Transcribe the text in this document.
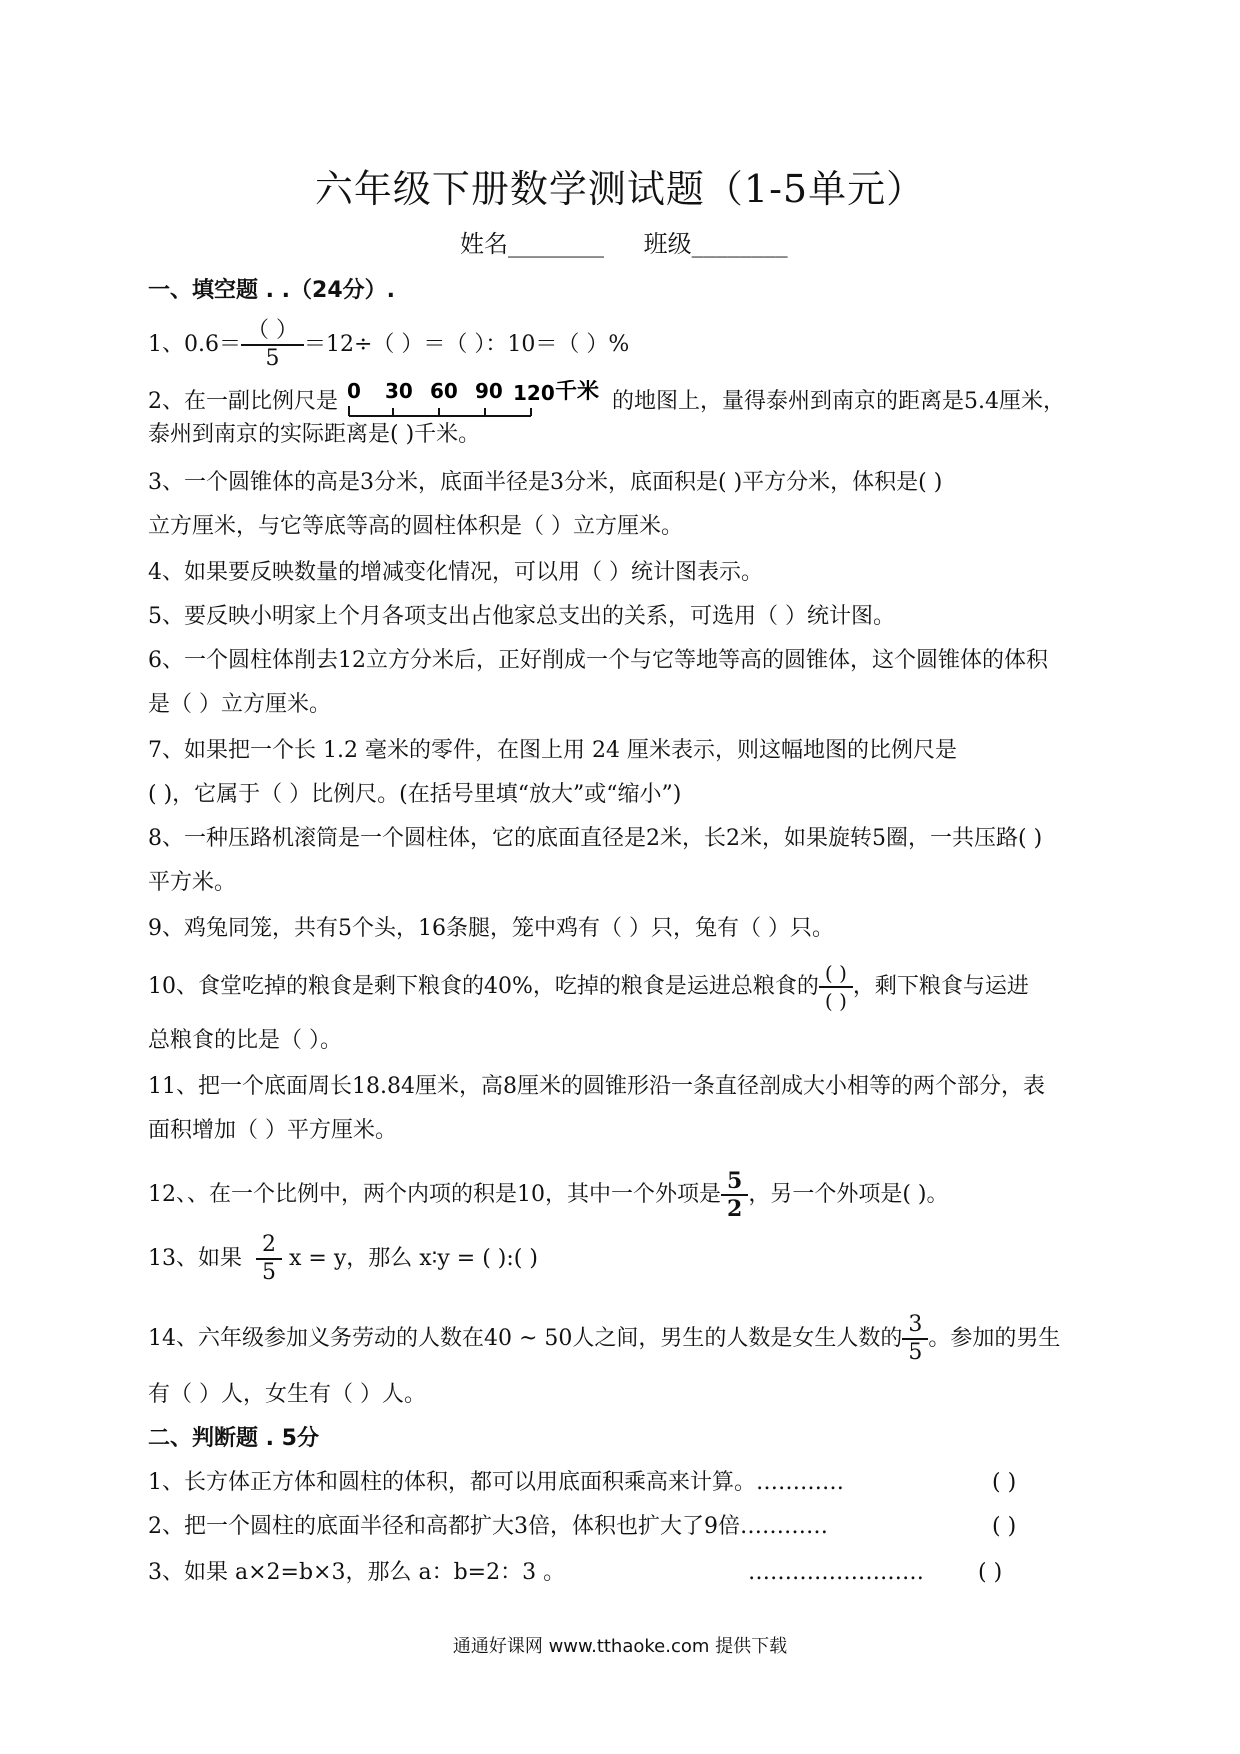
六年级下册数学测试题（1-5单元）
姓名________ 班级________
一、填空题 . .（24分）.
1、$0.6= \frac{( )}{5} =12\div$（ ）＝（ ）：10＝（ ）%
2、在一副比例尺是 0 30 60 90 120 千米 的地图上，量得泰州到南京的距离是5.4厘米，
泰州到南京的实际距离是( )千米。
3、一个圆锥体的高是3分米，底面半径是3分米，底面积是( )平方分米，体积是( )
立方厘米，与它等底等高的圆柱体积是（ ）立方厘米。
4、如果要反映数量的增减变化情况，可以用（ ）统计图表示。
5、要反映小明家上个月各项支出占他家总支出的关系，可选用（ ）统计图。
6、一个圆柱体削去12立方分米后，正好削成一个与它等地等高的圆锥体，这个圆锥体的体积
是（ ）立方厘米。
7、如果把一个长 1.2 毫米的零件，在图上用 24 厘米表示，则这幅地图的比例尺是
( )，它属于（ ）比例尺。(在括号里填“放大”或“缩小”)
8、一种压路机滚筒是一个圆柱体，它的底面直径是2米，长2米，如果旋转5圈，一共压路( )
平方米。
9、鸡兔同笼，共有5个头，16条腿，笼中鸡有（ ）只，兔有（ ）只。
10、食堂吃掉的粮食是剩下粮食的40%，吃掉的粮食是运进总粮食的 $\frac{( )}{( )}$ ，剩下粮食与运进
总粮食的比是（ ）。
11、把一个底面周长18.84厘米，高8厘米的圆锥形沿一条直径剖成大小相等的两个部分，表
面积增加（ ）平方厘米。
12、、在一个比例中，两个内项的积是10，其中一个外项是 $\frac{5}{2}$ ，另一个外项是( )。
13、如果 $\frac{2}{5}$ x = y，那么 x∶y = ( ):( )
14、六年级参加义务劳动的人数在40 ~ 50人之间，男生的人数是女生人数的 $\frac{3}{5}$ 。参加的男生
有（ ）人，女生有（ ）人。
二、判断题 . 5分
1、长方体正方体和圆柱的体积，都可以用底面积乘高来计算。…………	( )
2、把一个圆柱的底面半径和高都扩大3倍，体积也扩大了9倍…………	( )
3、如果 a×2=b×3，那么 a：b=2：3 。	……………………	( )
通通好课网 www.tthaoke.com 提供下载
